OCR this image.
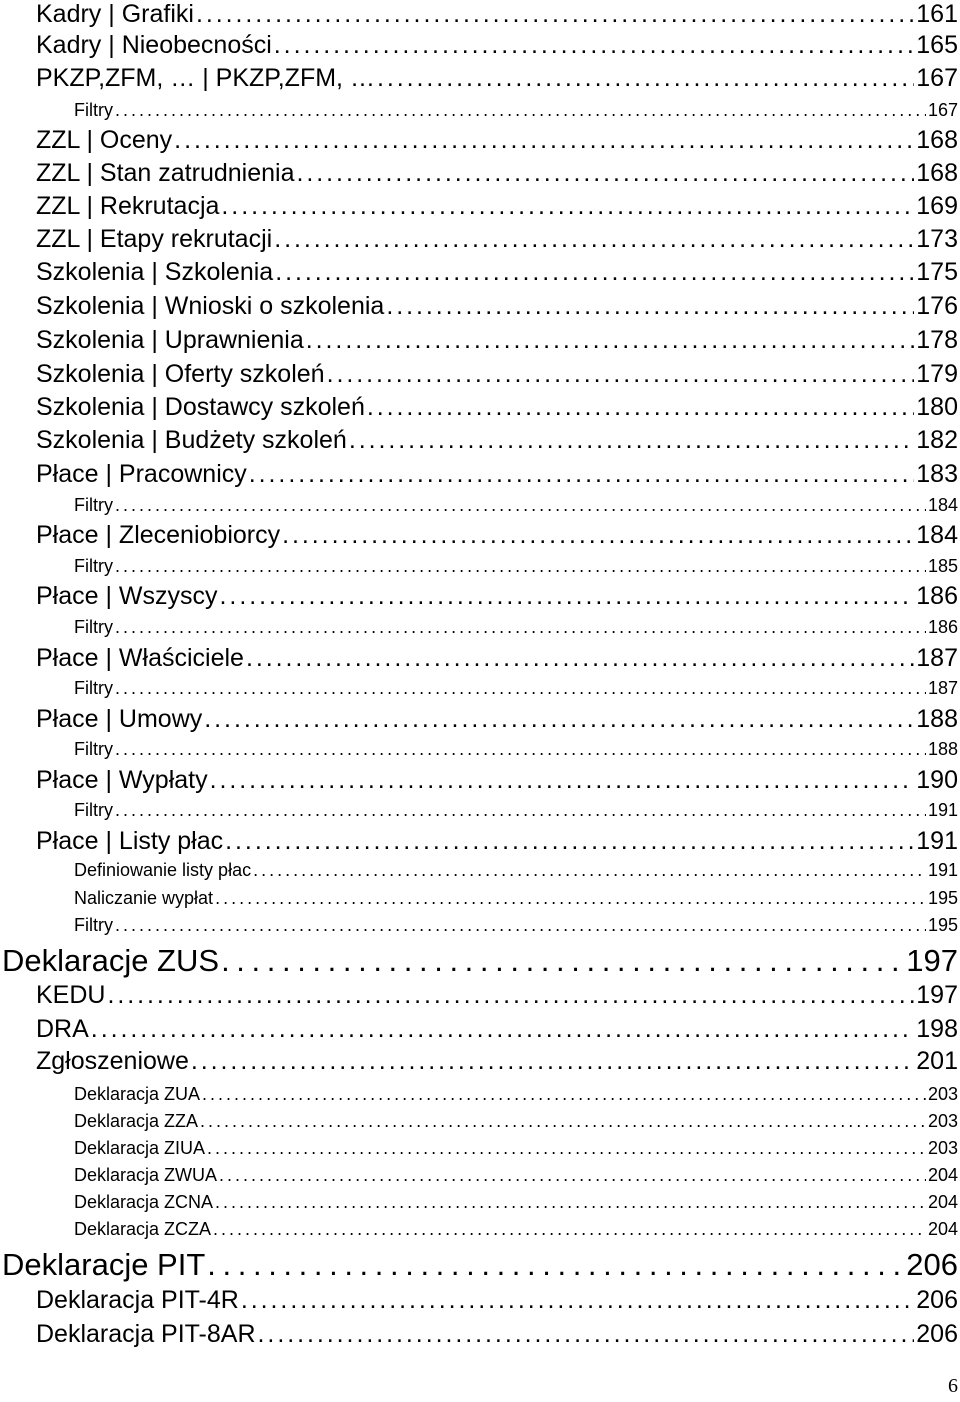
Kadry | Grafiki . . .	161
Kadry | Nieobecności . . .	165
PKZP,ZFM, … | PKZP,ZFM, … . . .	167
Filtry . . .	167
ZZL | Oceny . . .	168
ZZL | Stan zatrudnienia . . .	168
ZZL | Rekrutacja . . .	169
ZZL | Etapy rekrutacji . . .	173
Szkolenia | Szkolenia . . .	175
Szkolenia | Wnioski o szkolenia . . .	176
Szkolenia | Uprawnienia . . .	178
Szkolenia | Oferty szkoleń . . .	179
Szkolenia | Dostawcy szkoleń . . .	180
Szkolenia | Budżety szkoleń . . .	182
Płace | Pracownicy . . .	183
Filtry . . .	184
Płace | Zleceniobiorcy . . .	184
Filtry . . .	185
Płace | Wszyscy . . .	186
Filtry . . .	186
Płace | Właściciele . . .	187
Filtry . . .	187
Płace | Umowy . . .	188
Filtry . . .	188
Płace | Wypłaty . . .	190
Filtry . . .	191
Płace | Listy płac . . .	191
Definiowanie listy płac . . .	191
Naliczanie wypłat . . .	195
Filtry . . .	195
Deklaracje ZUS . . .	197
KEDU . . .	197
DRA . . .	198
Zgłoszeniowe . . .	201
Deklaracja ZUA . . .	203
Deklaracja ZZA . . .	203
Deklaracja ZIUA . . .	203
Deklaracja ZWUA . . .	204
Deklaracja ZCNA . . .	204
Deklaracja ZCZA . . .	204
Deklaracje PIT . . .	206
Deklaracja PIT-4R . . .	206
Deklaracja PIT-8AR . . .	206
6
